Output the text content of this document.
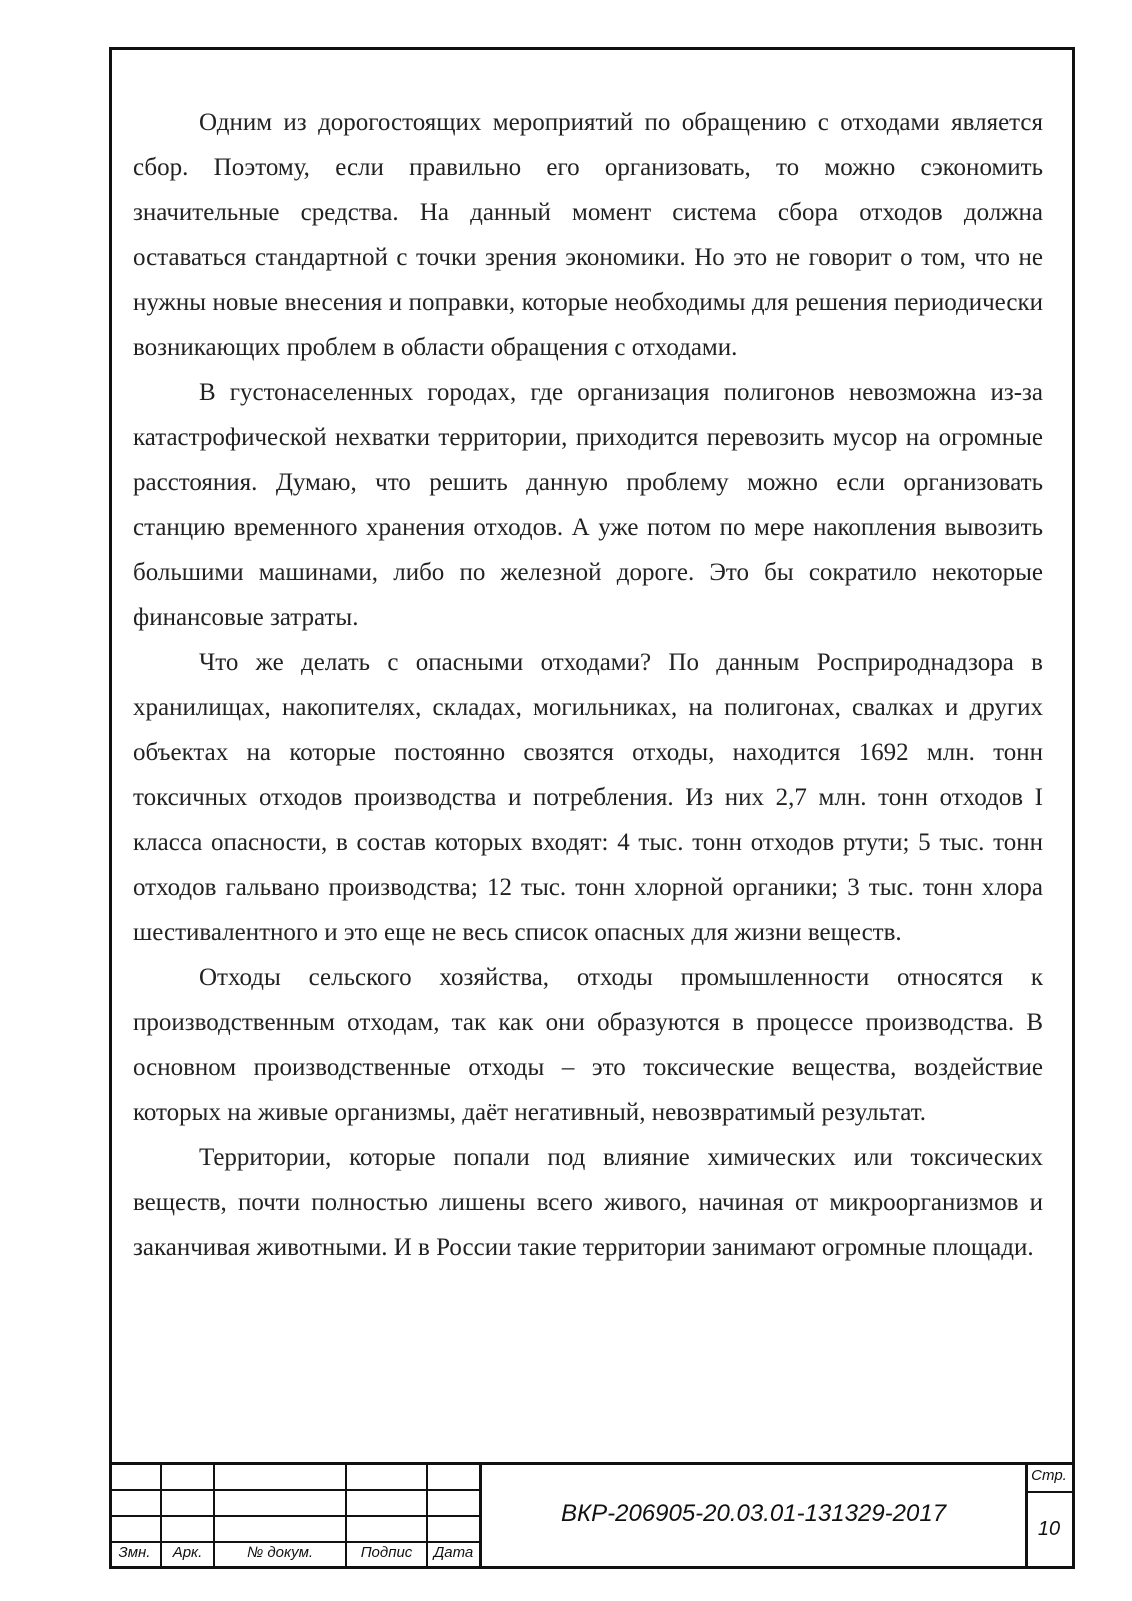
Одним из дорогостоящих мероприятий по обращению с отходами является сбор. Поэтому, если правильно его организовать, то можно сэкономить значительные средства. На данный момент система сбора отходов должна оставаться стандартной с точки зрения экономики. Но это не говорит о том, что не нужны новые внесения и поправки, которые необходимы для решения периодически возникающих проблем в области обращения с отходами.

В густонаселенных городах, где организация полигонов невозможна из-за катастрофической нехватки территории, приходится перевозить мусор на огромные расстояния. Думаю, что решить данную проблему можно если организовать станцию временного хранения отходов. А уже потом по мере накопления вывозить большими машинами, либо по железной дороге. Это бы сократило некоторые финансовые затраты.

Что же делать с опасными отходами? По данным Росприроднадзора в хранилищах, накопителях, складах, могильниках, на полигонах, свалках и других объектах на которые постоянно свозятся отходы, находится 1692 млн. тонн токсичных отходов производства и потребления. Из них 2,7 млн. тонн отходов I класса опасности, в состав которых входят: 4 тыс. тонн отходов ртути; 5 тыс. тонн отходов гальвано производства; 12 тыс. тонн хлорной органики; 3 тыс. тонн хлора шестивалентного и это еще не весь список опасных для жизни веществ.

Отходы сельского хозяйства, отходы промышленности относятся к производственным отходам, так как они образуются в процессе производства. В основном производственные отходы – это токсические вещества, воздействие которых на живые организмы, даёт негативный, невозвратимый результат.

Территории, которые попали под влияние химических или токсических веществ, почти полностью лишены всего живого, начиная от микроорганизмов и заканчивая животными. И в России такие территории занимают огромные площади.

Змн.	Арк.	№ докум.	Подпис	Дата
ВКР-206905-20.03.01-131329-2017
Стр.
10
